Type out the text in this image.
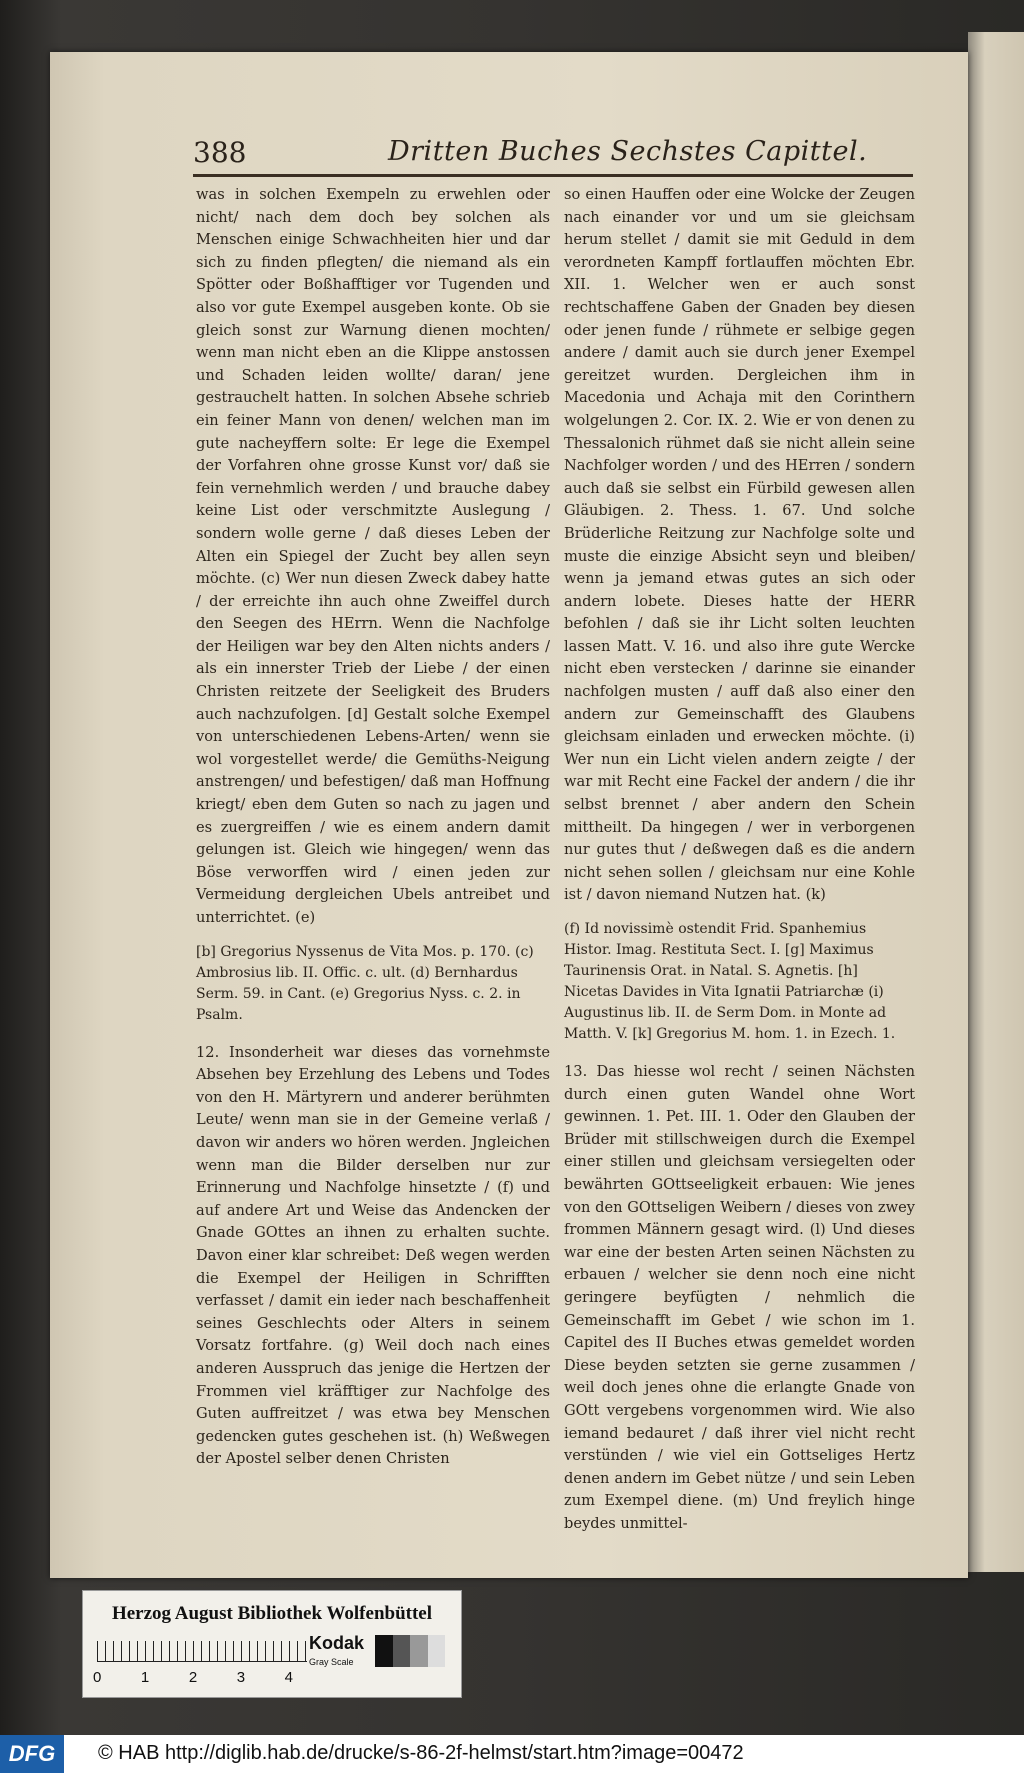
388	Dritten Buches Sechstes Capittel.

was in solchen Exempeln zu erwehlen oder nicht/ nach dem doch bey solchen als Menschen einige Schwachheiten hier und dar sich zu finden pflegten/ die niemand als ein Spötter oder Boßhafftiger vor Tugenden und also vor gute Exempel ausgeben konte. Ob sie gleich sonst zur Warnung dienen mochten/ wenn man nicht eben an die Klippe anstossen und Schaden leiden wollte/ daran/ jene gestrauchelt hatten. In solchen Absehe schrieb ein feiner Mann von denen/ welchen man im gute nacheyffern solte: Er lege die Exempel der Vorfahren ohne grosse Kunst vor/ daß sie fein vernehmlich werden / und brauche dabey keine List oder verschmitzte Auslegung / sondern wolle gerne / daß dieses Leben der Alten ein Spiegel der Zucht bey allen seyn möchte. (c) Wer nun diesen Zweck dabey hatte / der erreichte ihn auch ohne Zweiffel durch den Seegen des HErrn. Wenn die Nachfolge der Heiligen war bey den Alten nichts anders / als ein innerster Trieb der Liebe / der einen Christen reitzete der Seeligkeit des Bruders auch nachzufolgen. [d] Gestalt solche Exempel von unterschiedenen Lebens-Arten/ wenn sie wol vorgestellet werde/ die Gemüths-Neigung anstrengen/ und befestigen/ daß man Hoffnung kriegt/ eben dem Guten so nach zu jagen und es zuergreiffen / wie es einem andern damit gelungen ist. Gleich wie hingegen/ wenn das Böse verworffen wird / einen jeden zur Vermeidung dergleichen Ubels antreibet und unterrichtet. (e)

[b] Gregorius Nyssenus de Vita Mos. p. 170. (c) Ambrosius lib. II. Offic. c. ult. (d) Bernhardus Serm. 59. in Cant. (e) Gregorius Nyss. c. 2. in Psalm.

12. Insonderheit war dieses das vornehmste Absehen bey Erzehlung des Lebens und Todes von den H. Märtyrern und anderer berühmten Leute/ wenn man sie in der Gemeine verlaß / davon wir anders wo hören werden. Jngleichen wenn man die Bilder derselben nur zur Erinnerung und Nachfolge hinsetzte / (f) und auf andere Art und Weise das Andencken der Gnade GOttes an ihnen zu erhalten suchte. Davon einer klar schreibet: Deß wegen werden die Exempel der Heiligen in Schrifften verfasset / damit ein ieder nach beschaffenheit seines Geschlechts oder Alters in seinem Vorsatz fortfahre. (g) Weil doch nach eines anderen Ausspruch das jenige die Hertzen der Frommen viel kräfftiger zur Nachfolge des Guten auffreitzet / was etwa bey Menschen gedencken gutes geschehen ist. (h) Weßwegen der Apostel selber denen Christen

so einen Hauffen oder eine Wolcke der Zeugen nach einander vor und um sie gleichsam herum stellet / damit sie mit Geduld in dem verordneten Kampff fortlauffen möchten Ebr. XII. 1. Welcher wen er auch sonst rechtschaffene Gaben der Gnaden bey diesen oder jenen funde / rühmete er selbige gegen andere / damit auch sie durch jener Exempel gereitzet wurden. Dergleichen ihm in Macedonia und Achaja mit den Corinthern wolgelungen 2. Cor. IX. 2. Wie er von denen zu Thessalonich rühmet daß sie nicht allein seine Nachfolger worden / und des HErren / sondern auch daß sie selbst ein Fürbild gewesen allen Gläubigen. 2. Thess. 1. 67. Und solche Brüderliche Reitzung zur Nachfolge solte und muste die einzige Absicht seyn und bleiben/ wenn ja jemand etwas gutes an sich oder andern lobete. Dieses hatte der HERR befohlen / daß sie ihr Licht solten leuchten lassen Matt. V. 16. und also ihre gute Wercke nicht eben verstecken / darinne sie einander nachfolgen musten / auff daß also einer den andern zur Gemeinschafft des Glaubens gleichsam einladen und erwecken möchte. (i) Wer nun ein Licht vielen andern zeigte / der war mit Recht eine Fackel der andern / die ihr selbst brennet / aber andern den Schein mittheilt. Da hingegen / wer in verborgenen nur gutes thut / deßwegen daß es die andern nicht sehen sollen / gleichsam nur eine Kohle ist / davon niemand Nutzen hat. (k)

(f) Id novissimè ostendit Frid. Spanhemius Histor. Imag. Restituta Sect. I. [g] Maximus Taurinensis Orat. in Natal. S. Agnetis. [h] Nicetas Davides in Vita Ignatii Patriarchæ (i) Augustinus lib. II. de Serm Dom. in Monte ad Matth. V. [k] Gregorius M. hom. 1. in Ezech. 1.

13. Das hiesse wol recht / seinen Nächsten durch einen guten Wandel ohne Wort gewinnen. 1. Pet. III. 1. Oder den Glauben der Brüder mit stillschweigen durch die Exempel einer stillen und gleichsam versiegelten oder bewährten GOttseeligkeit erbauen: Wie jenes von den GOttseligen Weibern / dieses von zwey frommen Männern gesagt wird. (l) Und dieses war eine der besten Arten seinen Nächsten zu erbauen / welcher sie denn noch eine nicht geringere beyfügten / nehmlich die Gemeinschafft im Gebet / wie schon im 1. Capitel des II Buches etwas gemeldet worden Diese beyden setzten sie gerne zusammen / weil doch jenes ohne die erlangte Gnade von GOtt vergebens vorgenommen wird. Wie also iemand bedauret / daß ihrer viel nicht recht verstünden / wie viel ein Gottseliges Hertz denen andern im Gebet nütze / und sein Leben zum Exempel diene. (m) Und freylich hinge beydes unmittel-

Herzog August Bibliothek Wolfenbüttel
0	1	2	3	4
Kodak
Gray Scale
DFG	© HAB http://diglib.hab.de/drucke/s-86-2f-helmst/start.htm?image=00472
